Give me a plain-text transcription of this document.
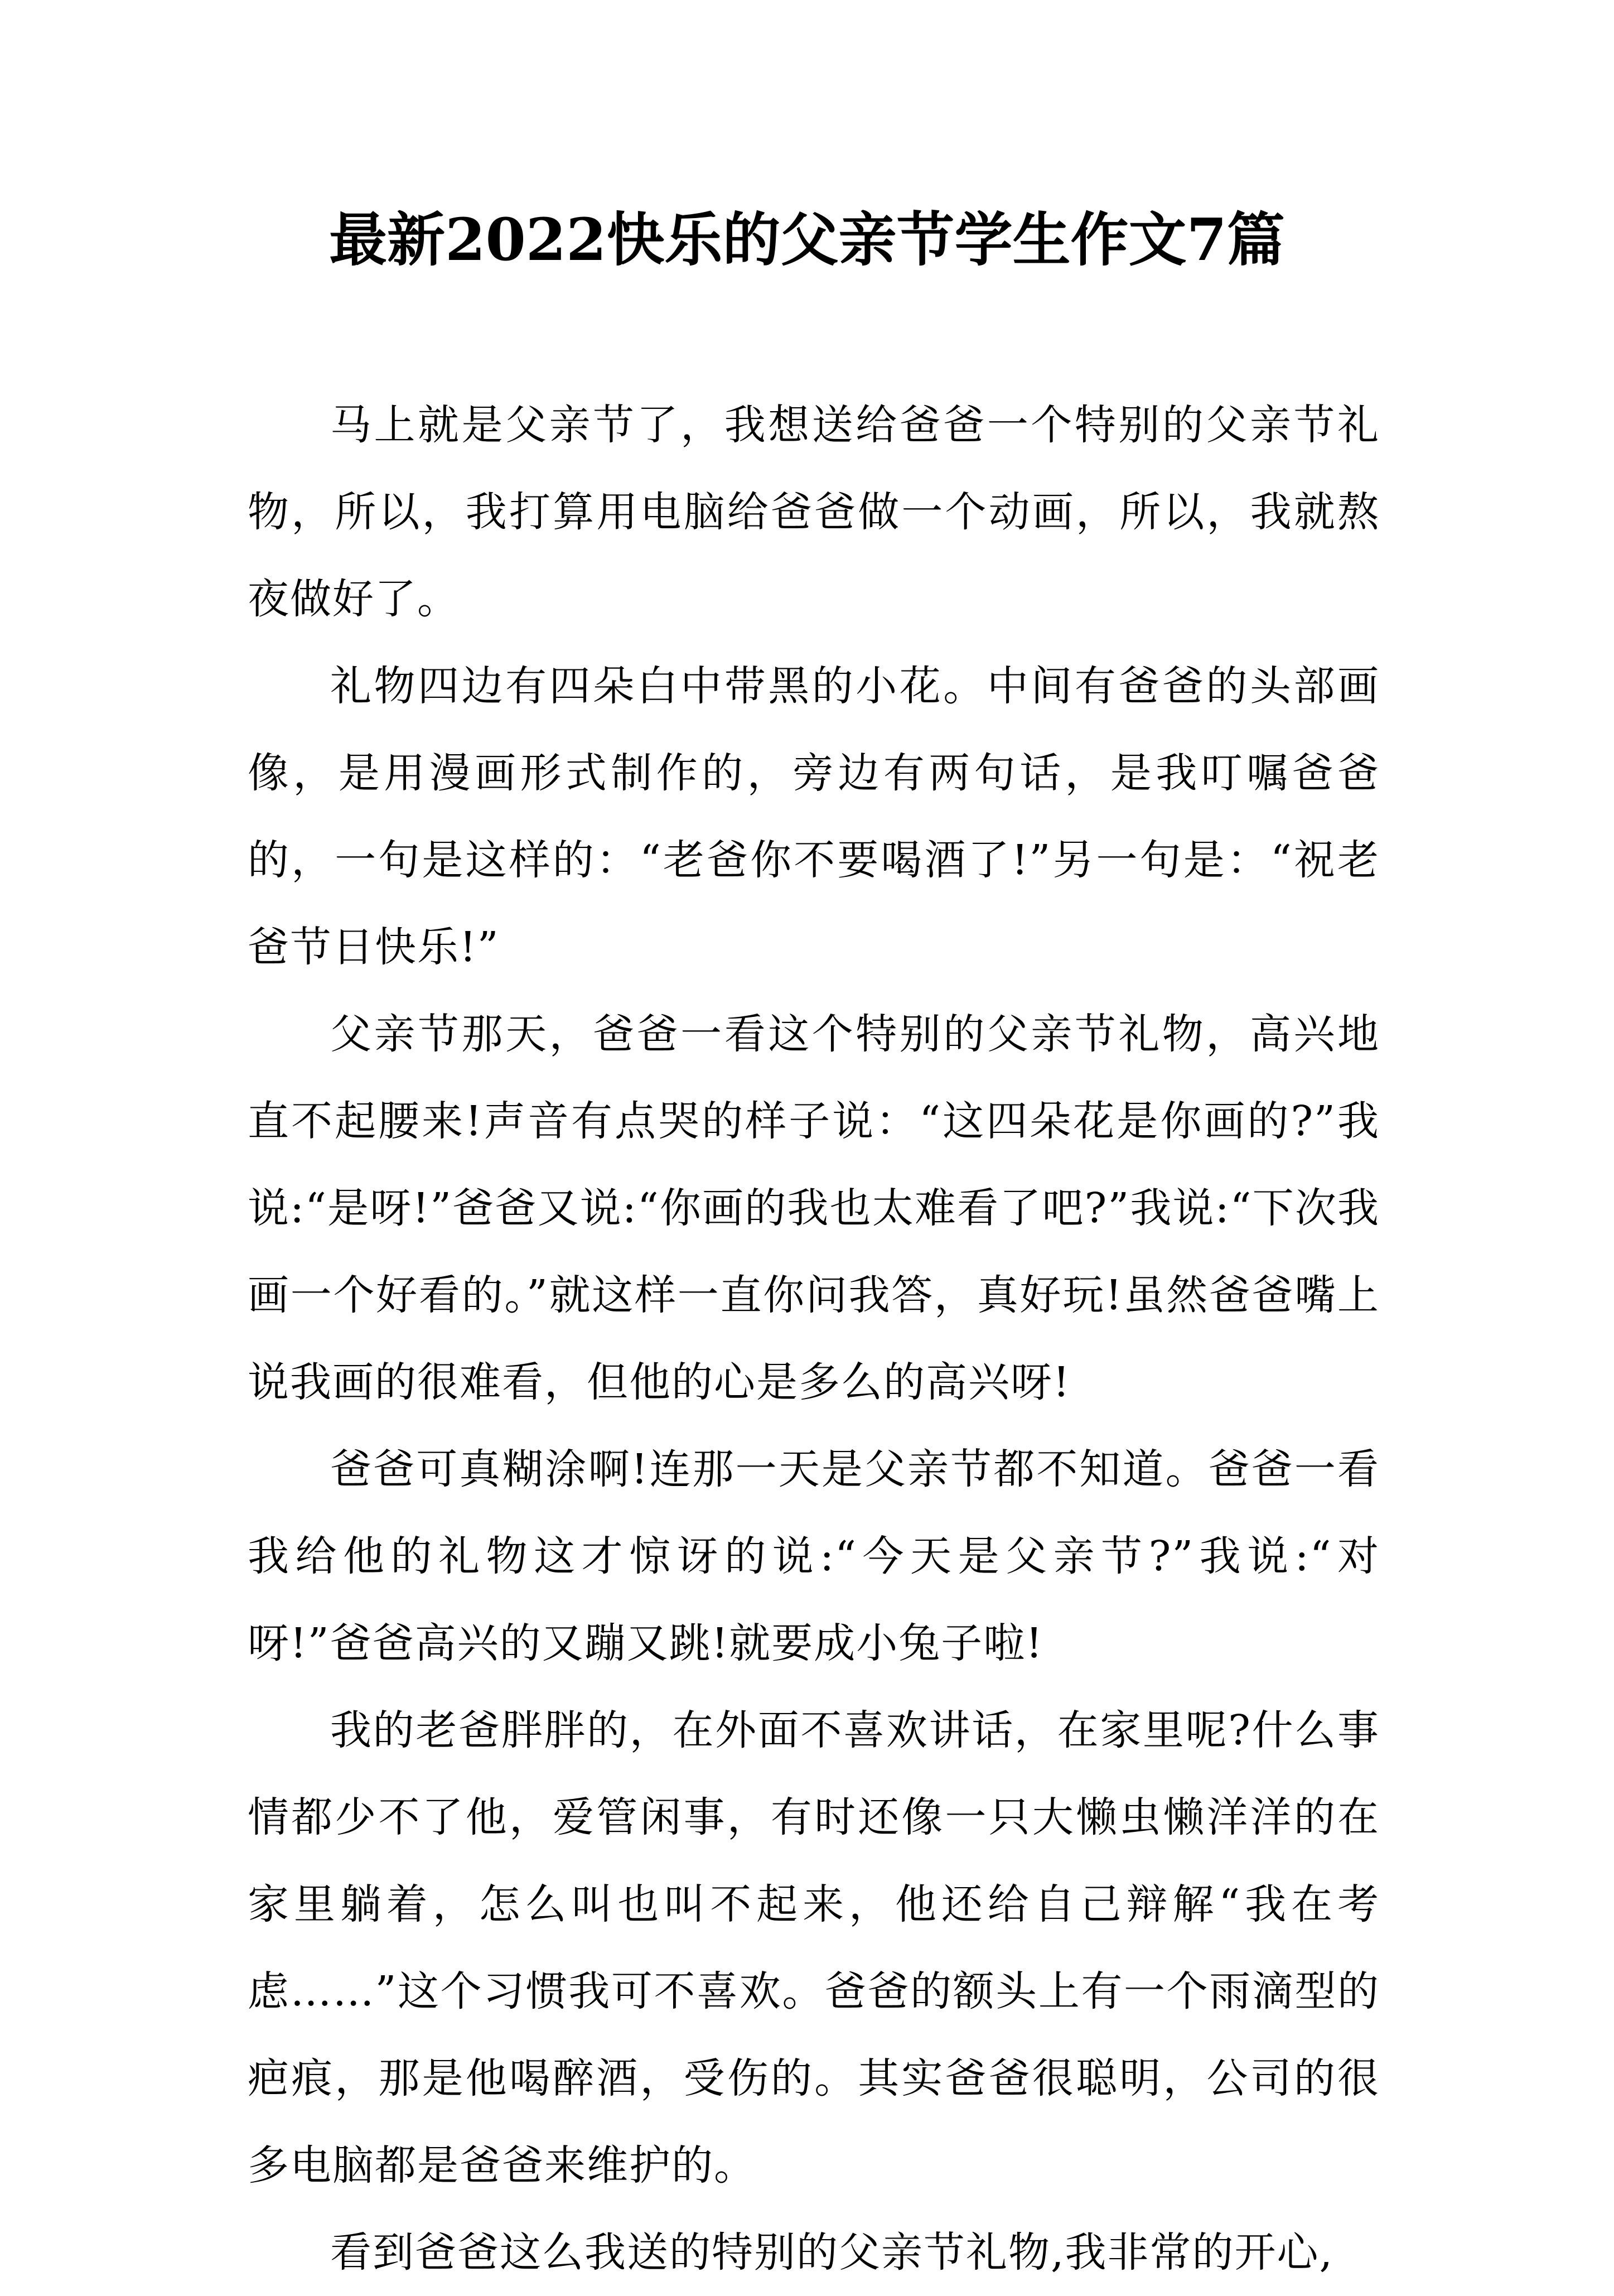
最新2022快乐的父亲节学生作文7篇

马上就是父亲节了，我想送给爸爸一个特别的父亲节礼物，所以，我打算用电脑给爸爸做一个动画，所以，我就熬夜做好了。

礼物四边有四朵白中带黑的小花。中间有爸爸的头部画像，是用漫画形式制作的，旁边有两句话，是我叮嘱爸爸的，一句是这样的：“老爸你不要喝酒了!”另一句是：“祝老爸节日快乐!”

父亲节那天，爸爸一看这个特别的父亲节礼物，高兴地直不起腰来!声音有点哭的样子说：“这四朵花是你画的?”我说:“是呀!”爸爸又说:“你画的我也太难看了吧?”我说:“下次我画一个好看的。”就这样一直你问我答，真好玩!虽然爸爸嘴上说我画的很难看，但他的心是多么的高兴呀!

爸爸可真糊涂啊!连那一天是父亲节都不知道。爸爸一看我给他的礼物这才惊讶的说:“今天是父亲节?”我说:“对呀!”爸爸高兴的又蹦又跳!就要成小兔子啦!

我的老爸胖胖的，在外面不喜欢讲话，在家里呢?什么事情都少不了他，爱管闲事，有时还像一只大懒虫懒洋洋的在家里躺着，怎么叫也叫不起来，他还给自己辩解“我在考虑……”这个习惯我可不喜欢。爸爸的额头上有一个雨滴型的疤痕，那是他喝醉酒，受伤的。其实爸爸很聪明，公司的很多电脑都是爸爸来维护的。

看到爸爸这么我送的特别的父亲节礼物,我非常的开心,
